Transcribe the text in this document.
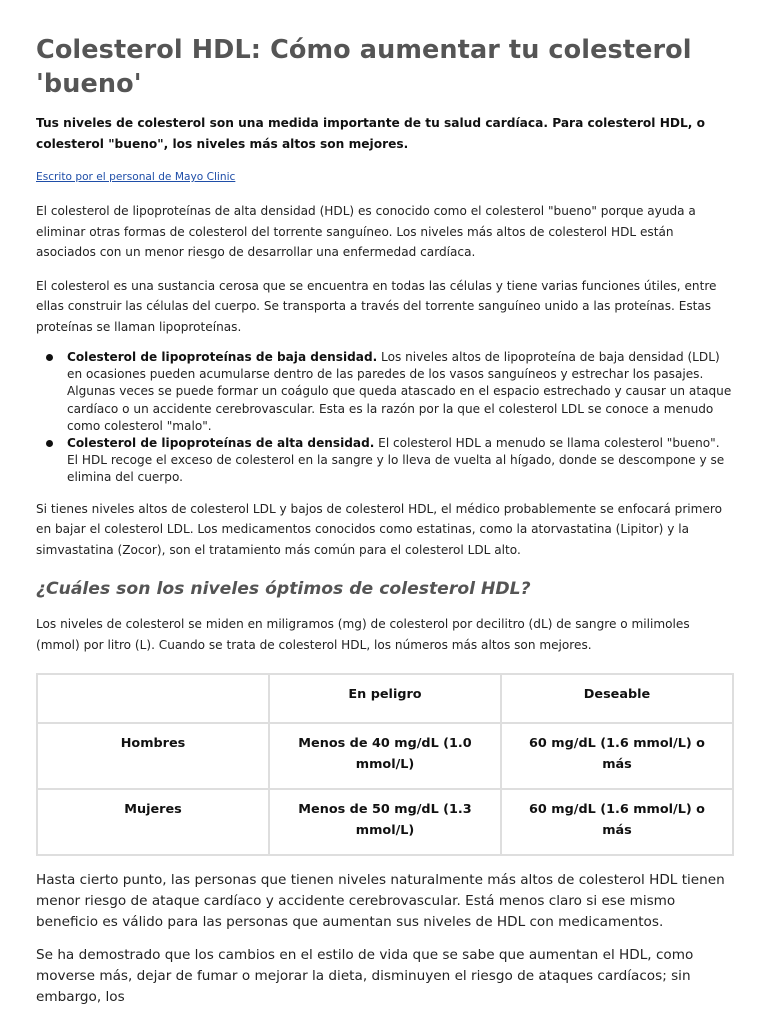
Colesterol HDL: Cómo aumentar tu colesterol 'bueno'

Tus niveles de colesterol son una medida importante de tu salud cardíaca. Para colesterol HDL, o colesterol "bueno", los niveles más altos son mejores.

Escrito por el personal de Mayo Clinic

El colesterol de lipoproteínas de alta densidad (HDL) es conocido como el colesterol "bueno" porque ayuda a eliminar otras formas de colesterol del torrente sanguíneo. Los niveles más altos de colesterol HDL están asociados con un menor riesgo de desarrollar una enfermedad cardíaca.

El colesterol es una sustancia cerosa que se encuentra en todas las células y tiene varias funciones útiles, entre ellas construir las células del cuerpo. Se transporta a través del torrente sanguíneo unido a las proteínas. Estas proteínas se llaman lipoproteínas.

Colesterol de lipoproteínas de baja densidad. Los niveles altos de lipoproteína de baja densidad (LDL) en ocasiones pueden acumularse dentro de las paredes de los vasos sanguíneos y estrechar los pasajes. Algunas veces se puede formar un coágulo que queda atascado en el espacio estrechado y causar un ataque cardíaco o un accidente cerebrovascular. Esta es la razón por la que el colesterol LDL se conoce a menudo como colesterol "malo".
Colesterol de lipoproteínas de alta densidad. El colesterol HDL a menudo se llama colesterol "bueno". El HDL recoge el exceso de colesterol en la sangre y lo lleva de vuelta al hígado, donde se descompone y se elimina del cuerpo.

Si tienes niveles altos de colesterol LDL y bajos de colesterol HDL, el médico probablemente se enfocará primero en bajar el colesterol LDL. Los medicamentos conocidos como estatinas, como la atorvastatina (Lipitor) y la simvastatina (Zocor), son el tratamiento más común para el colesterol LDL alto.

¿Cuáles son los niveles óptimos de colesterol HDL?

Los niveles de colesterol se miden en miligramos (mg) de colesterol por decilitro (dL) de sangre o milimoles (mmol) por litro (L). Cuando se trata de colesterol HDL, los números más altos son mejores.

	En peligro	Deseable
Hombres	Menos de 40 mg/dL (1.0 mmol/L)	60 mg/dL (1.6 mmol/L) o más
Mujeres	Menos de 50 mg/dL (1.3 mmol/L)	60 mg/dL (1.6 mmol/L) o más

Hasta cierto punto, las personas que tienen niveles naturalmente más altos de colesterol HDL tienen menor riesgo de ataque cardíaco y accidente cerebrovascular. Está menos claro si ese mismo beneficio es válido para las personas que aumentan sus niveles de HDL con medicamentos.

Se ha demostrado que los cambios en el estilo de vida que se sabe que aumentan el HDL, como moverse más, dejar de fumar o mejorar la dieta, disminuyen el riesgo de ataques cardíacos; sin embargo, los
